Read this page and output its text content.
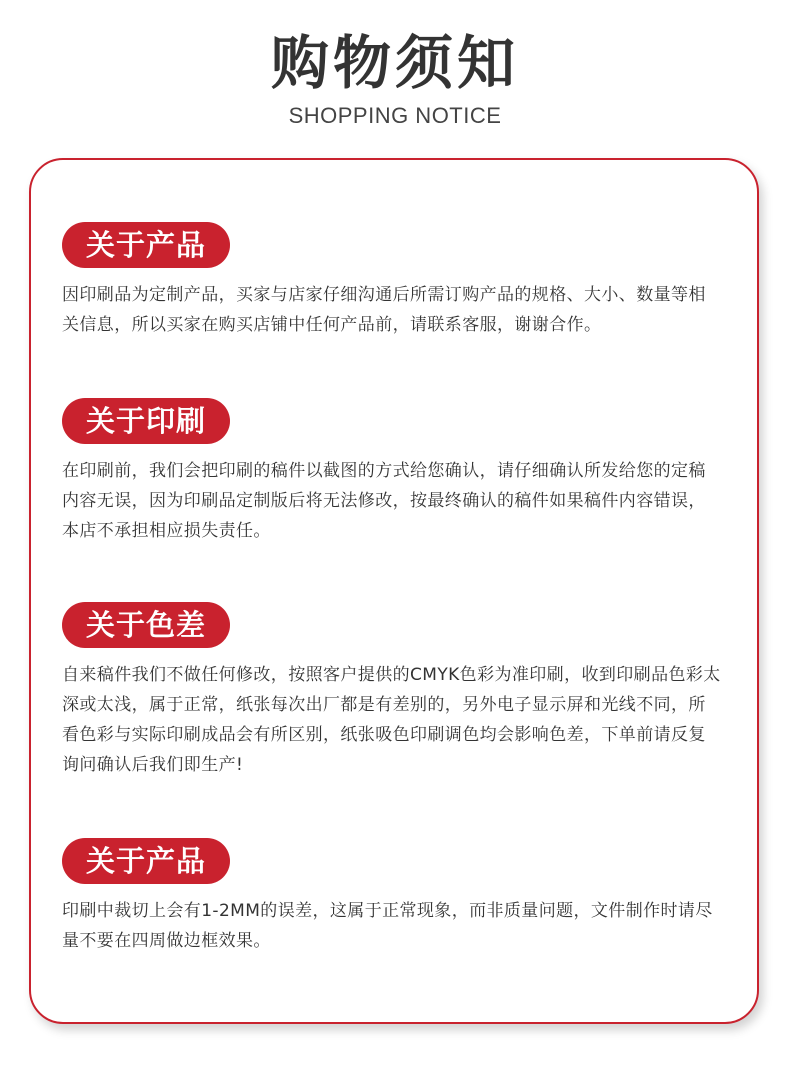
购物须知
SHOPPING NOTICE
关于产品

因印刷品为定制产品，买家与店家仔细沟通后所需订购产品的规格、大小、数量等相关信息，所以买家在购买店铺中任何产品前，请联系客服，谢谢合作。

关于印刷

在印刷前，我们会把印刷的稿件以截图的方式给您确认，请仔细确认所发给您的定稿内容无误，因为印刷品定制版后将无法修改，按最终确认的稿件如果稿件内容错误，本店不承担相应损失责任。

关于色差

自来稿件我们不做任何修改，按照客户提供的CMYK色彩为准印刷，收到印刷品色彩太深或太浅，属于正常，纸张每次出厂都是有差别的，另外电子显示屏和光线不同，所看色彩与实际印刷成品会有所区别，纸张吸色印刷调色均会影响色差，下单前请反复询问确认后我们即生产!

关于产品

印刷中裁切上会有1-2MM的误差，这属于正常现象，而非质量问题，文件制作时请尽量不要在四周做边框效果。
